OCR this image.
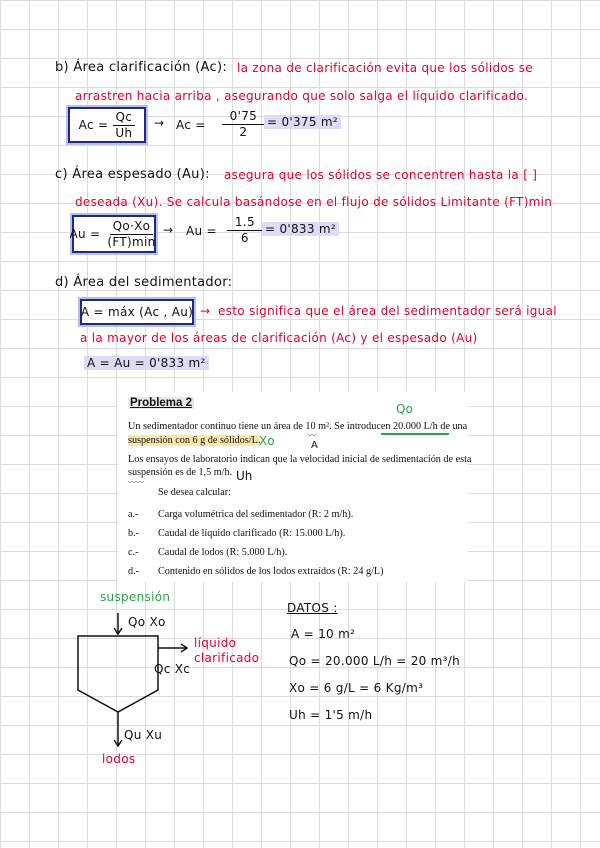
b) Área clarificación (Ac): la zona de clarificación evita que los sólidos se
arrastren hacia arriba , asegurando que solo salga el líquido clarificado.
$Ac = \frac{Qc}{Uh} \to Ac = \frac{0'75}{2} = 0'375$ m²
c) Área espesado (Au): asegura que los sólidos se concentren hasta la [ ]
deseada (Xu). Se calcula basándose en el flujo de sólidos Limitante (FT)min
$Au = \frac{Qo\cdot Xo}{(FT)\min} \to Au = \frac{1.5}{6} = 0'833$ m²
d) Área del sedimentador:
A = máx (Ac , Au) → esto significa que el área del sedimentador será igual
a la mayor de los áreas de clarificación (Ac) y el espesado (Au)
A = Au = 0'833 m²
Problema 2	Qo
Un sedimentador continuo tiene un área de 10 m². Se introducen 20.000 L/h de una
〰
suspensión con 6 g de sólidos/L.	A
Xo
Los ensayos de laboratorio indican que la velocidad inicial de sedimentación de esta
suspensión es de 1,5 m/h.
〰〰	Uh
Se desea calcular:
a.- Carga volumétrica del sedimentador (R: 2 m/h).
b.- Caudal de líquido clarificado (R: 15.000 L/h).
c.- Caudal de lodos (R: 5.000 L/h).
d.- Contenido en sólidos de los lodos extraídos (R: 24 g/L)
suspensión
Qo Xo
líquido clarificado
Qc Xc
Qu Xu
lodos
DATOS :
A = 10 m²
Qo = 20.000 L/h = 20 m³/h
Xo = 6 g/L = 6 Kg/m³
Uh = 1'5 m/h
